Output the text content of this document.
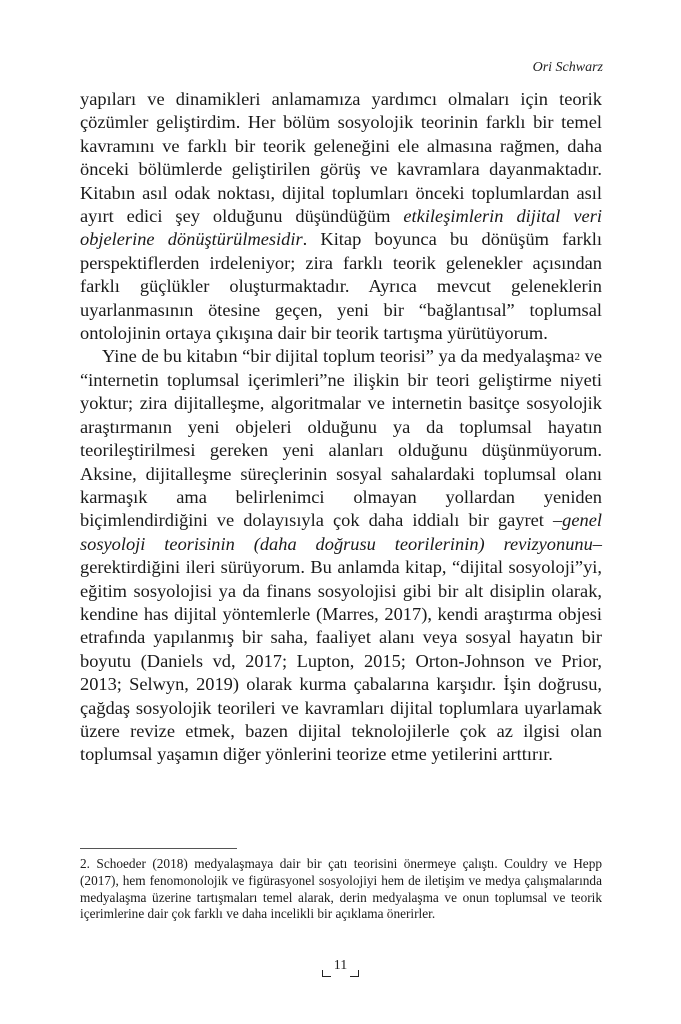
Ori Schwarz

yapıları ve dinamikleri anlamamıza yardımcı olmaları için teorik çözümler geliştirdim. Her bölüm sosyolojik teorinin farklı bir temel kavramını ve farklı bir teorik geleneğini ele almasına rağmen, daha önceki bölümlerde geliştirilen görüş ve kavramlara dayanmaktadır. Kitabın asıl odak noktası, dijital toplumları önceki toplumlardan asıl ayırt edici şey olduğunu düşündüğüm etkileşimlerin dijital veri objelerine dönüştürülmesidir. Kitap boyunca bu dönüşüm farklı perspektiflerden irdeleniyor; zira farklı teorik gelenekler açısından farklı güçlükler oluşturmaktadır. Ayrıca mevcut geleneklerin uyarlanmasının ötesine geçen, yeni bir “bağlantısal” toplumsal ontolojinin ortaya çıkışına dair bir teorik tartışma yürütüyorum.

Yine de bu kitabın “bir dijital toplum teorisi” ya da medyalaşma$^2$ ve “internetin toplumsal içerimleri”ne ilişkin bir teori geliştirme niyeti yoktur; zira dijitalleşme, algoritmalar ve internetin basitçe sosyolojik araştırmanın yeni objeleri olduğunu ya da toplumsal hayatın teorileştirilmesi gereken yeni alanları olduğunu düşünmüyorum. Aksine, dijitalleşme süreçlerinin sosyal sahalardaki toplumsal olanı karmaşık ama belirlenimci olmayan yollardan yeniden biçimlendirdiğini ve dolayısıyla çok daha iddialı bir gayret –genel sosyoloji teorisinin (daha doğrusu teorilerinin) revizyonunu– gerektirdiğini ileri sürüyorum. Bu anlamda kitap, “dijital sosyoloji”yi, eğitim sosyolojisi ya da finans sosyolojisi gibi bir alt disiplin olarak, kendine has dijital yöntemlerle (Marres, 2017), kendi araştırma objesi etrafında yapılanmış bir saha, faaliyet alanı veya sosyal hayatın bir boyutu (Daniels vd, 2017; Lupton, 2015; Orton-Johnson ve Prior, 2013; Selwyn, 2019) olarak kurma çabalarına karşıdır. İşin doğrusu, çağdaş sosyolojik teorileri ve kavramları dijital toplumlara uyarlamak üzere revize etmek, bazen dijital teknolojilerle çok az ilgisi olan toplumsal yaşamın diğer yönlerini teorize etme yetilerini arttırır.

2. Schoeder (2018) medyalaşmaya dair bir çatı teorisini önermeye çalıştı. Couldry ve Hepp (2017), hem fenomonolojik ve figürasyonel sosyolojiyi hem de iletişim ve medya çalışmalarında medyalaşma üzerine tartışmaları temel alarak, derin medyalaşma ve onun toplumsal ve teorik içerimlerine dair çok farklı ve daha incelikli bir açıklama önerirler.
11
